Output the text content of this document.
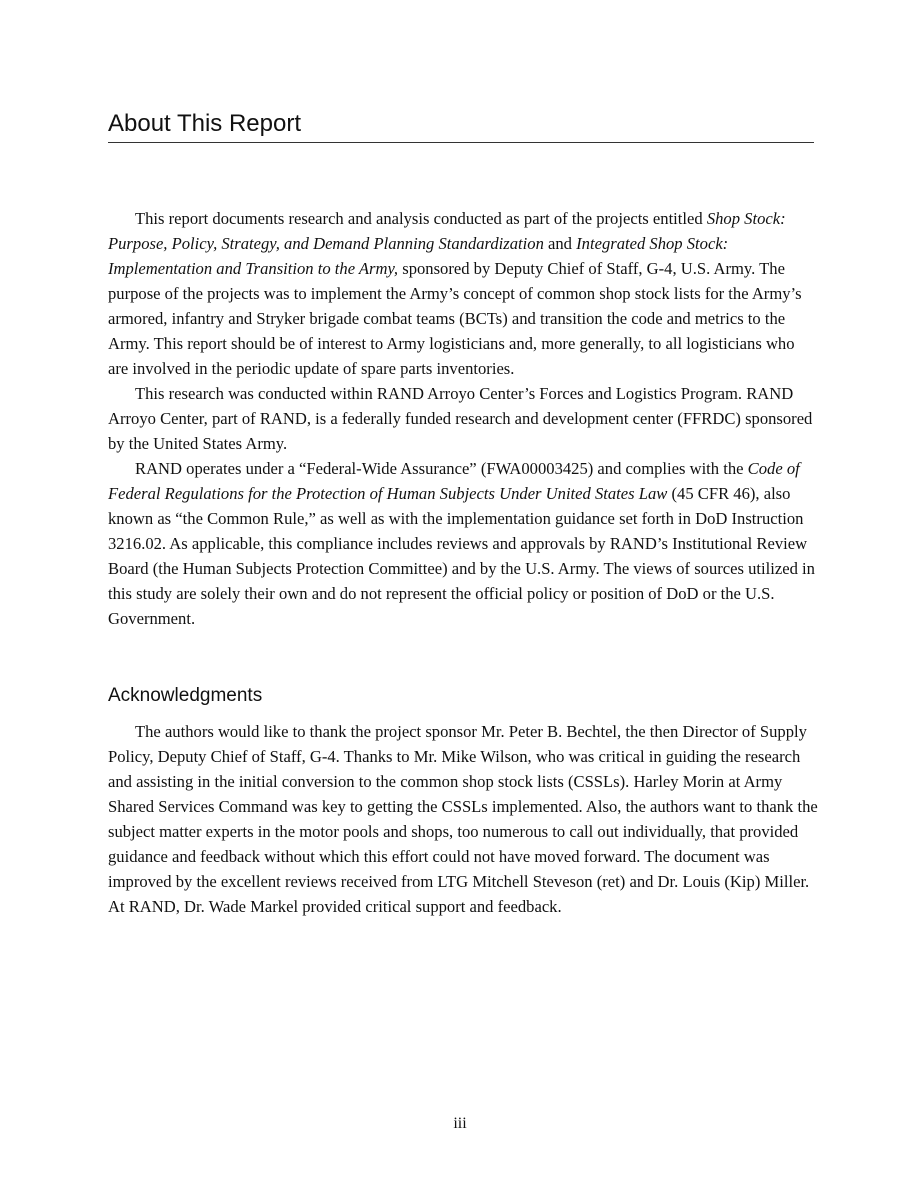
About This Report

This report documents research and analysis conducted as part of the projects entitled Shop Stock: Purpose, Policy, Strategy, and Demand Planning Standardization and Integrated Shop Stock: Implementation and Transition to the Army, sponsored by Deputy Chief of Staff, G-4, U.S. Army. The purpose of the projects was to implement the Army’s concept of common shop stock lists for the Army’s armored, infantry and Stryker brigade combat teams (BCTs) and transition the code and metrics to the Army. This report should be of interest to Army logisticians and, more generally, to all logisticians who are involved in the periodic update of spare parts inventories.

This research was conducted within RAND Arroyo Center’s Forces and Logistics Program. RAND Arroyo Center, part of RAND, is a federally funded research and development center (FFRDC) sponsored by the United States Army.

RAND operates under a “Federal-Wide Assurance” (FWA00003425) and complies with the Code of Federal Regulations for the Protection of Human Subjects Under United States Law (45 CFR 46), also known as “the Common Rule,” as well as with the implementation guidance set forth in DoD Instruction 3216.02. As applicable, this compliance includes reviews and approvals by RAND’s Institutional Review Board (the Human Subjects Protection Committee) and by the U.S. Army. The views of sources utilized in this study are solely their own and do not represent the official policy or position of DoD or the U.S. Government.

Acknowledgments

The authors would like to thank the project sponsor Mr. Peter B. Bechtel, the then Director of Supply Policy, Deputy Chief of Staff, G-4. Thanks to Mr. Mike Wilson, who was critical in guiding the research and assisting in the initial conversion to the common shop stock lists (CSSLs). Harley Morin at Army Shared Services Command was key to getting the CSSLs implemented. Also, the authors want to thank the subject matter experts in the motor pools and shops, too numerous to call out individually, that provided guidance and feedback without which this effort could not have moved forward. The document was improved by the excellent reviews received from LTG Mitchell Steveson (ret) and Dr. Louis (Kip) Miller. At RAND, Dr. Wade Markel provided critical support and feedback.

iii
